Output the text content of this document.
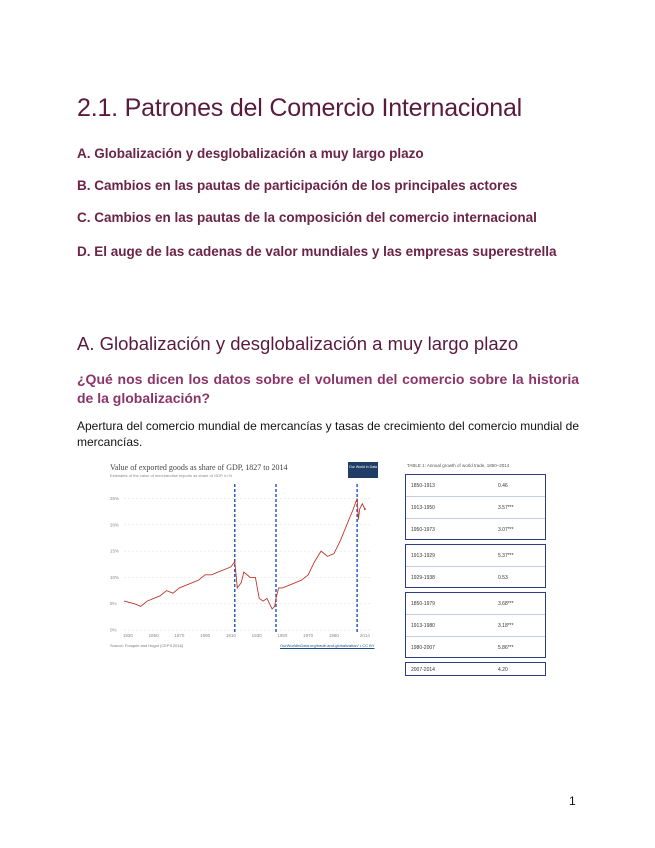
2.1. Patrones del Comercio Internacional
A. Globalización y desglobalización a muy largo plazo
B. Cambios en las pautas de participación de los principales actores
C. Cambios en las pautas de la composición del comercio internacional
D. El auge de las cadenas de valor mundiales y las empresas superestrella
A. Globalización y desglobalización a muy largo plazo
¿Qué nos dicen los datos sobre el volumen del comercio sobre la historia de la globalización?
Apertura del comercio mundial de mercancías y tasas de crecimiento del comercio mundial de mercancías.
0%
5%
10%
15%
20%
25%
1830	1850	1870	1890	1910	1930	1950	1970	1990	2014
Value of exported goods as share of GDP, 1827 to 2014
Estimates of the value of merchandise exports as share of GDP, in %
Our World in Data
Source: Fouquin and Hugot (CEPII 2016)	OurWorldInData.org/trade-and-globalization/ • CC BY
TABLE 1: Annual growth of world trade, 1850–2014
1850-1913	0.46
1913-1950	3.57***
1950-1973	3.07***
1913-1929	5.37***
1929-1938	0.53
1850-1979	3.68***
1913-1980	3.18***
1980-2007	5.86***
2007-2014	4.20
1
